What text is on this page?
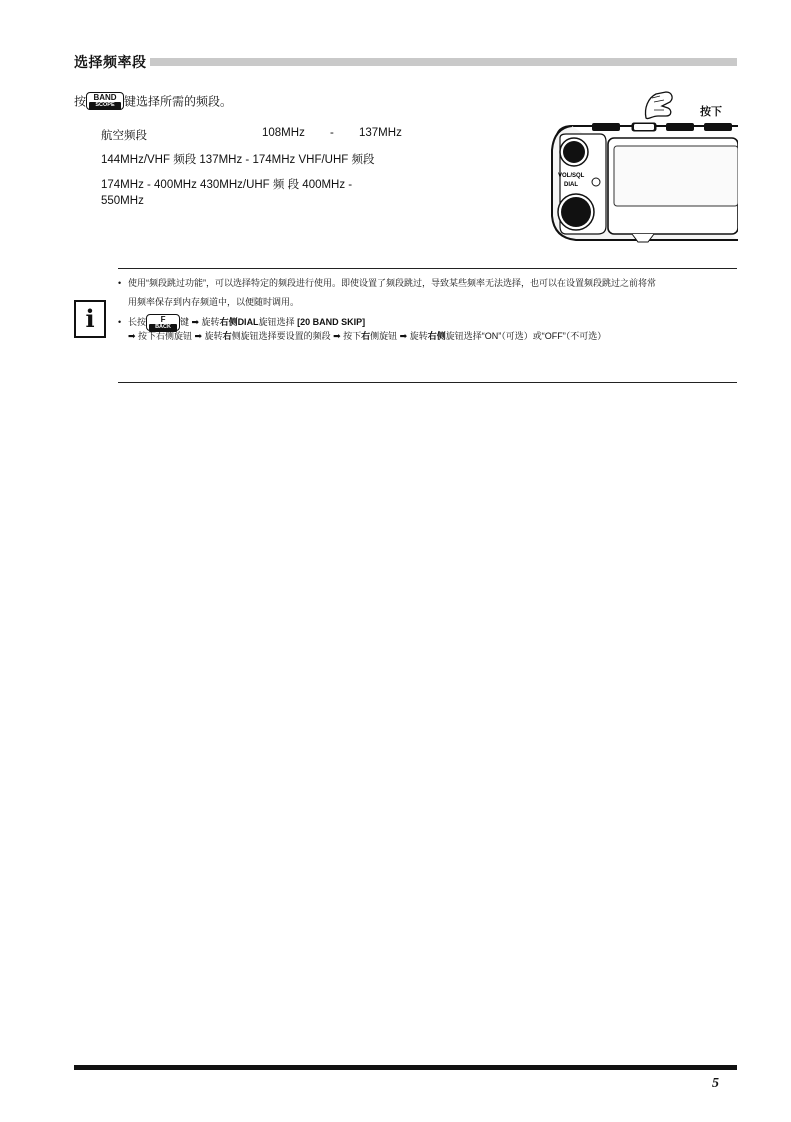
选择频率段
按 BAND
SCOPE 键选择所需的频段。
航空频段	108MHz - 137MHz
144MHz/VHF 频段 137MHz - 174MHz VHF/UHF 频段
174MHz - 400MHz 430MHz/UHF 频 段 400MHz -
550MHz
按下
VOL/SQL
DIAL
i
• 使用“频段跳过功能”，可以选择特定的频段进行使用。即使设置了频段跳过，导致某些频率无法选择，也可以在设置频段跳过之前将常
用频率保存到内存频道中，以便随时调用。
• 长按	F
BACK
键 ➡ 旋转右侧DIAL旋钮选择 [20 BAND SKIP]
➡ 按下右侧旋钮 ➡ 旋转右侧旋钮选择要设置的频段 ➡ 按下右侧旋钮 ➡ 旋转右侧旋钮选择“ON”（可选）或“OFF”（不可选）
5
